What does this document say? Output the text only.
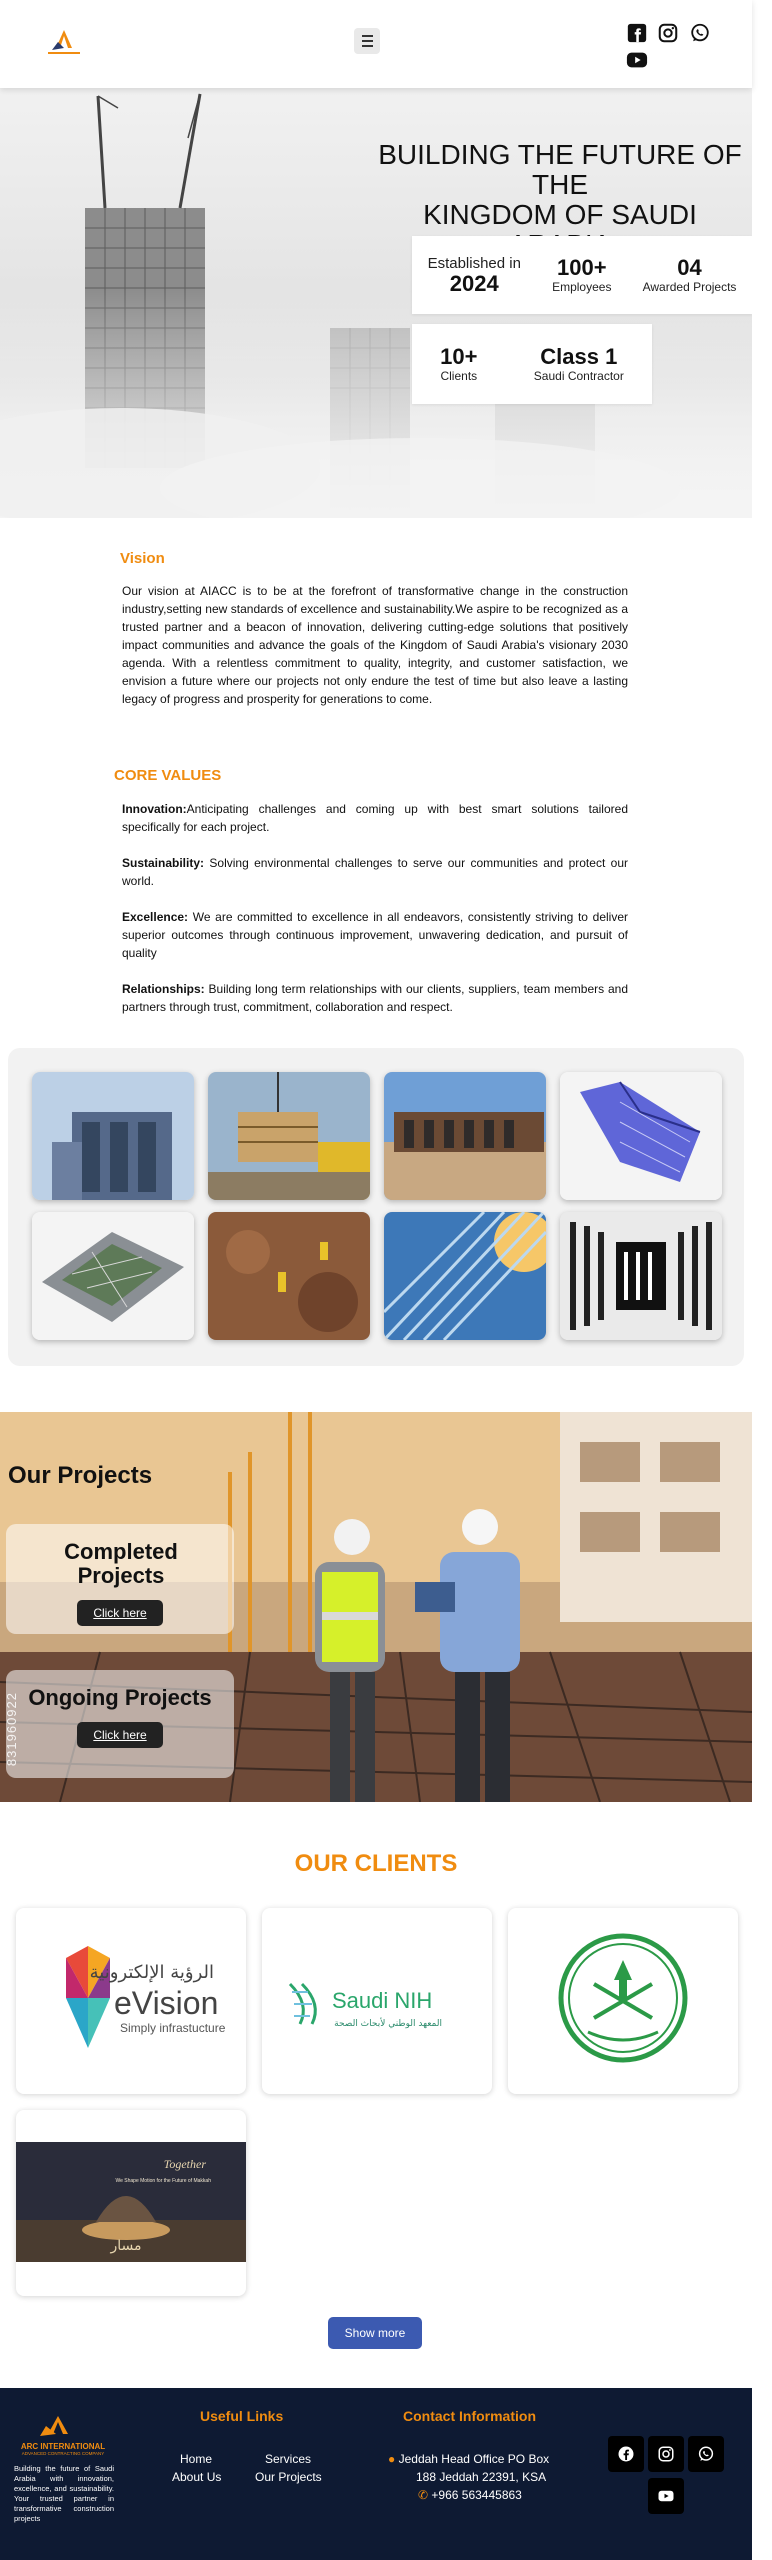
BUILDING THE FUTURE OF THE
KINGDOM OF SAUDI
Established in
2024
100+
Employees
04
Awarded Projects
10+
Clients
Class 1
Saudi Contractor
Vision
Our vision at AIACC is to be at the forefront of transformative change in the construction industry,setting new standards of excellence and sustainability.We aspire to be recognized as a trusted partner and a beacon of innovation, delivering cutting-edge solutions that positively impact communities and advance the goals of the Kingdom of Saudi Arabia's visionary 2030 agenda. With a relentless commitment to quality, integrity, and customer satisfaction, we envision a future where our projects not only endure the test of time but also leave a lasting legacy of progress and prosperity for generations to come.
CORE VALUES
Innovation:Anticipating challenges and coming up with best smart solutions tailored specifically for each project.
Sustainability: Solving environmental challenges to serve our communities and protect our world.
Excellence: We are committed to excellence in all endeavors, consistently striving to deliver superior outcomes through continuous improvement, unwavering dedication, and pursuit of quality
Relationships: Building long term relationships with our clients, suppliers, team members and partners through trust, commitment, collaboration and respect.
Our Projects
Completed Projects
Click here
Ongoing Projects
Click here
831960922
OUR CLIENTS
الرؤية الإلكترونية
eVision
Simply infrastucture
Saudi NIH
المعهد الوطني لأبحاث الصحة
Together
We Shape Motion for the Future of Makkah
مسار
Show more
ARC INTERNATIONAL
ADVANCED CONTRACTING COMPANY
Building the future of Saudi Arabia with innovation, excellence, and sustainability. Your trusted partner in transformative construction projects
Useful Links
Home	Services
About Us	Our Projects
Contact Information
● Jeddah Head Office PO Box
188 Jeddah 22391, KSA
✆ +966 563445863
